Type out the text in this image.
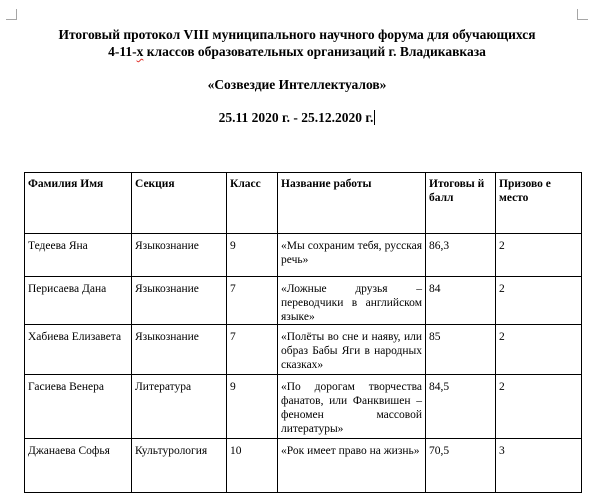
Итоговый протокол VIII муниципального научного форума для обучающихся
4-11-х классов образовательных организаций г. Владикавказа
«Созвездие Интеллектуалов»
25.11 2020 г. - 25.12.2020 г.
Фамилия Имя	Секция	Класс	Название работы	Итоговы й балл	Призово е место
Тедеева Яна	Языкознание	9	«Мы сохраним тебя, русская речь»	86,3	2
Перисаева Дана	Языкознание	7	«Ложные друзья – переводчики в английском языке»	84	2
Хабиева Елизавета	Языкознание	7	«Полёты во сне и наяву, или образ Бабы Яги в народных сказках»	85	2
Гасиева Венера	Литература	9	«По дорогам творчества фанатов, или Фанквишен – феномен массовой литературы»	84,5	2
Джанаева Софья	Культурология	10	«Рок имеет право на жизнь»	70,5	3
